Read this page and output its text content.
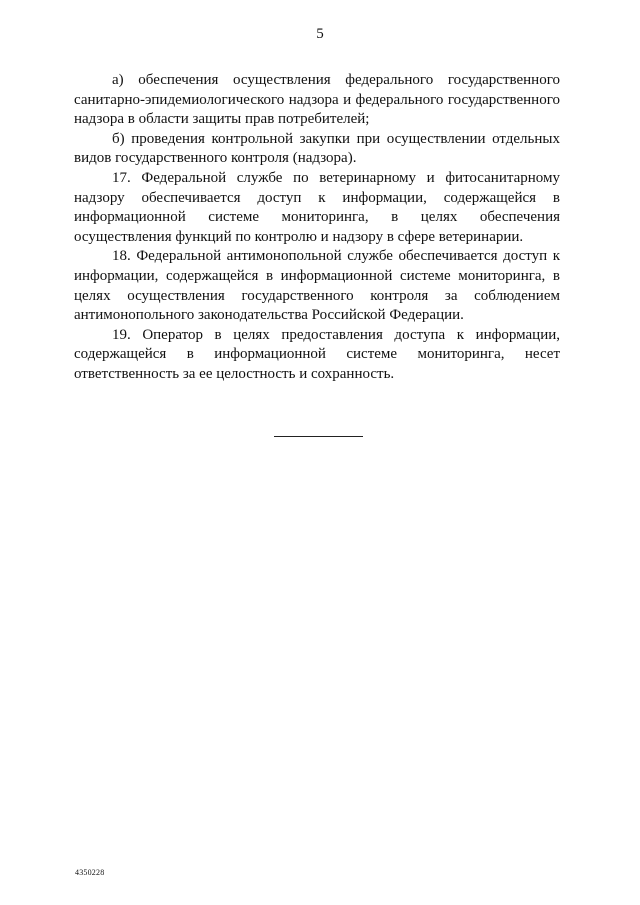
5

а) обеспечения осуществления федерального государственного санитарно-эпидемиологического надзора и федерального государственного надзора в области защиты прав потребителей;

б) проведения контрольной закупки при осуществлении отдельных видов государственного контроля (надзора).

17. Федеральной службе по ветеринарному и фитосанитарному надзору обеспечивается доступ к информации, содержащейся в информационной системе мониторинга, в целях обеспечения осуществления функций по контролю и надзору в сфере ветеринарии.

18. Федеральной антимонопольной службе обеспечивается доступ к информации, содержащейся в информационной системе мониторинга, в целях осуществления государственного контроля за соблюдением антимонопольного законодательства Российской Федерации.

19. Оператор в целях предоставления доступа к информации, содержащейся в информационной системе мониторинга, несет ответственность за ее целостность и сохранность.

4350228
